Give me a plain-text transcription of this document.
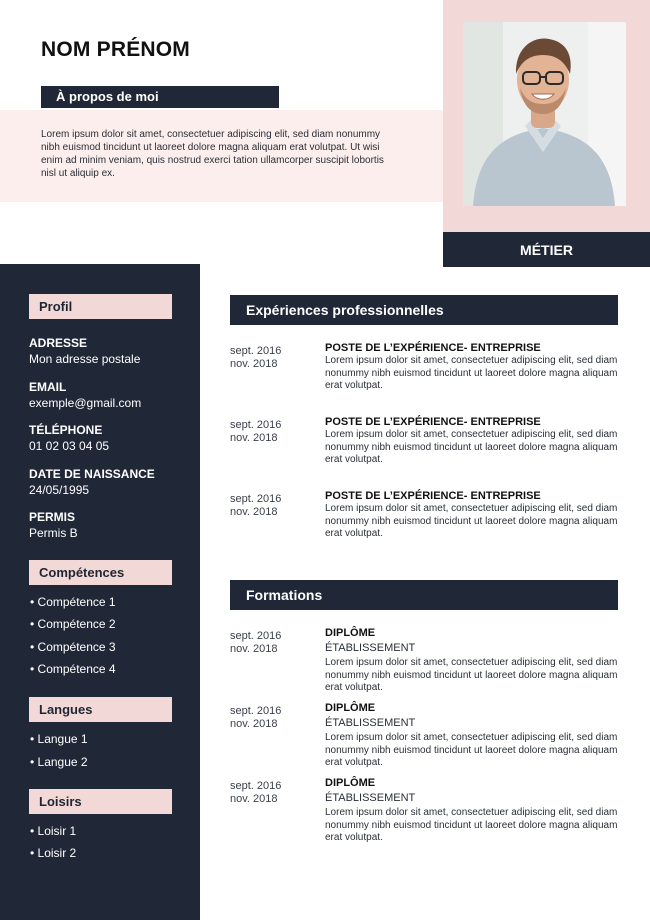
MÉTIER
NOM PRÉNOM
À propos de moi
Lorem ipsum dolor sit amet, consectetuer adipiscing elit, sed diam nonummy nibh euismod tincidunt ut laoreet dolore magna aliquam erat volutpat. Ut wisi enim ad minim veniam, quis nostrud exerci tation ullamcorper suscipit lobortis nisl ut aliquip ex.
Profil
ADRESSE
Mon adresse postale
EMAIL
exemple@gmail.com
TÉLÉPHONE
01 02 03 04 05
DATE DE NAISSANCE
24/05/1995
PERMIS
Permis B
Compétences
• Compétence 1
• Compétence 2
• Compétence 3
• Compétence 4
Langues
• Langue 1
• Langue 2
Loisirs
• Loisir 1
• Loisir 2
Expériences professionnelles
sept. 2016
nov. 2018
POSTE DE L’EXPÉRIENCE- ENTREPRISE
Lorem ipsum dolor sit amet, consectetuer adipiscing elit, sed diam nonummy nibh euismod tincidunt ut laoreet dolore magna aliquam erat volutpat.
sept. 2016
nov. 2018
POSTE DE L’EXPÉRIENCE- ENTREPRISE
Lorem ipsum dolor sit amet, consectetuer adipiscing elit, sed diam nonummy nibh euismod tincidunt ut laoreet dolore magna aliquam erat volutpat.
sept. 2016
nov. 2018
POSTE DE L’EXPÉRIENCE- ENTREPRISE
Lorem ipsum dolor sit amet, consectetuer adipiscing elit, sed diam nonummy nibh euismod tincidunt ut laoreet dolore magna aliquam erat volutpat.
Formations
sept. 2016
nov. 2018
DIPLÔME
ÉTABLISSEMENT
Lorem ipsum dolor sit amet, consectetuer adipiscing elit, sed diam nonummy nibh euismod tincidunt ut laoreet dolore magna aliquam erat volutpat.
sept. 2016
nov. 2018
DIPLÔME
ÉTABLISSEMENT
Lorem ipsum dolor sit amet, consectetuer adipiscing elit, sed diam nonummy nibh euismod tincidunt ut laoreet dolore magna aliquam erat volutpat.
sept. 2016
nov. 2018
DIPLÔME
ÉTABLISSEMENT
Lorem ipsum dolor sit amet, consectetuer adipiscing elit, sed diam nonummy nibh euismod tincidunt ut laoreet dolore magna aliquam erat volutpat.
